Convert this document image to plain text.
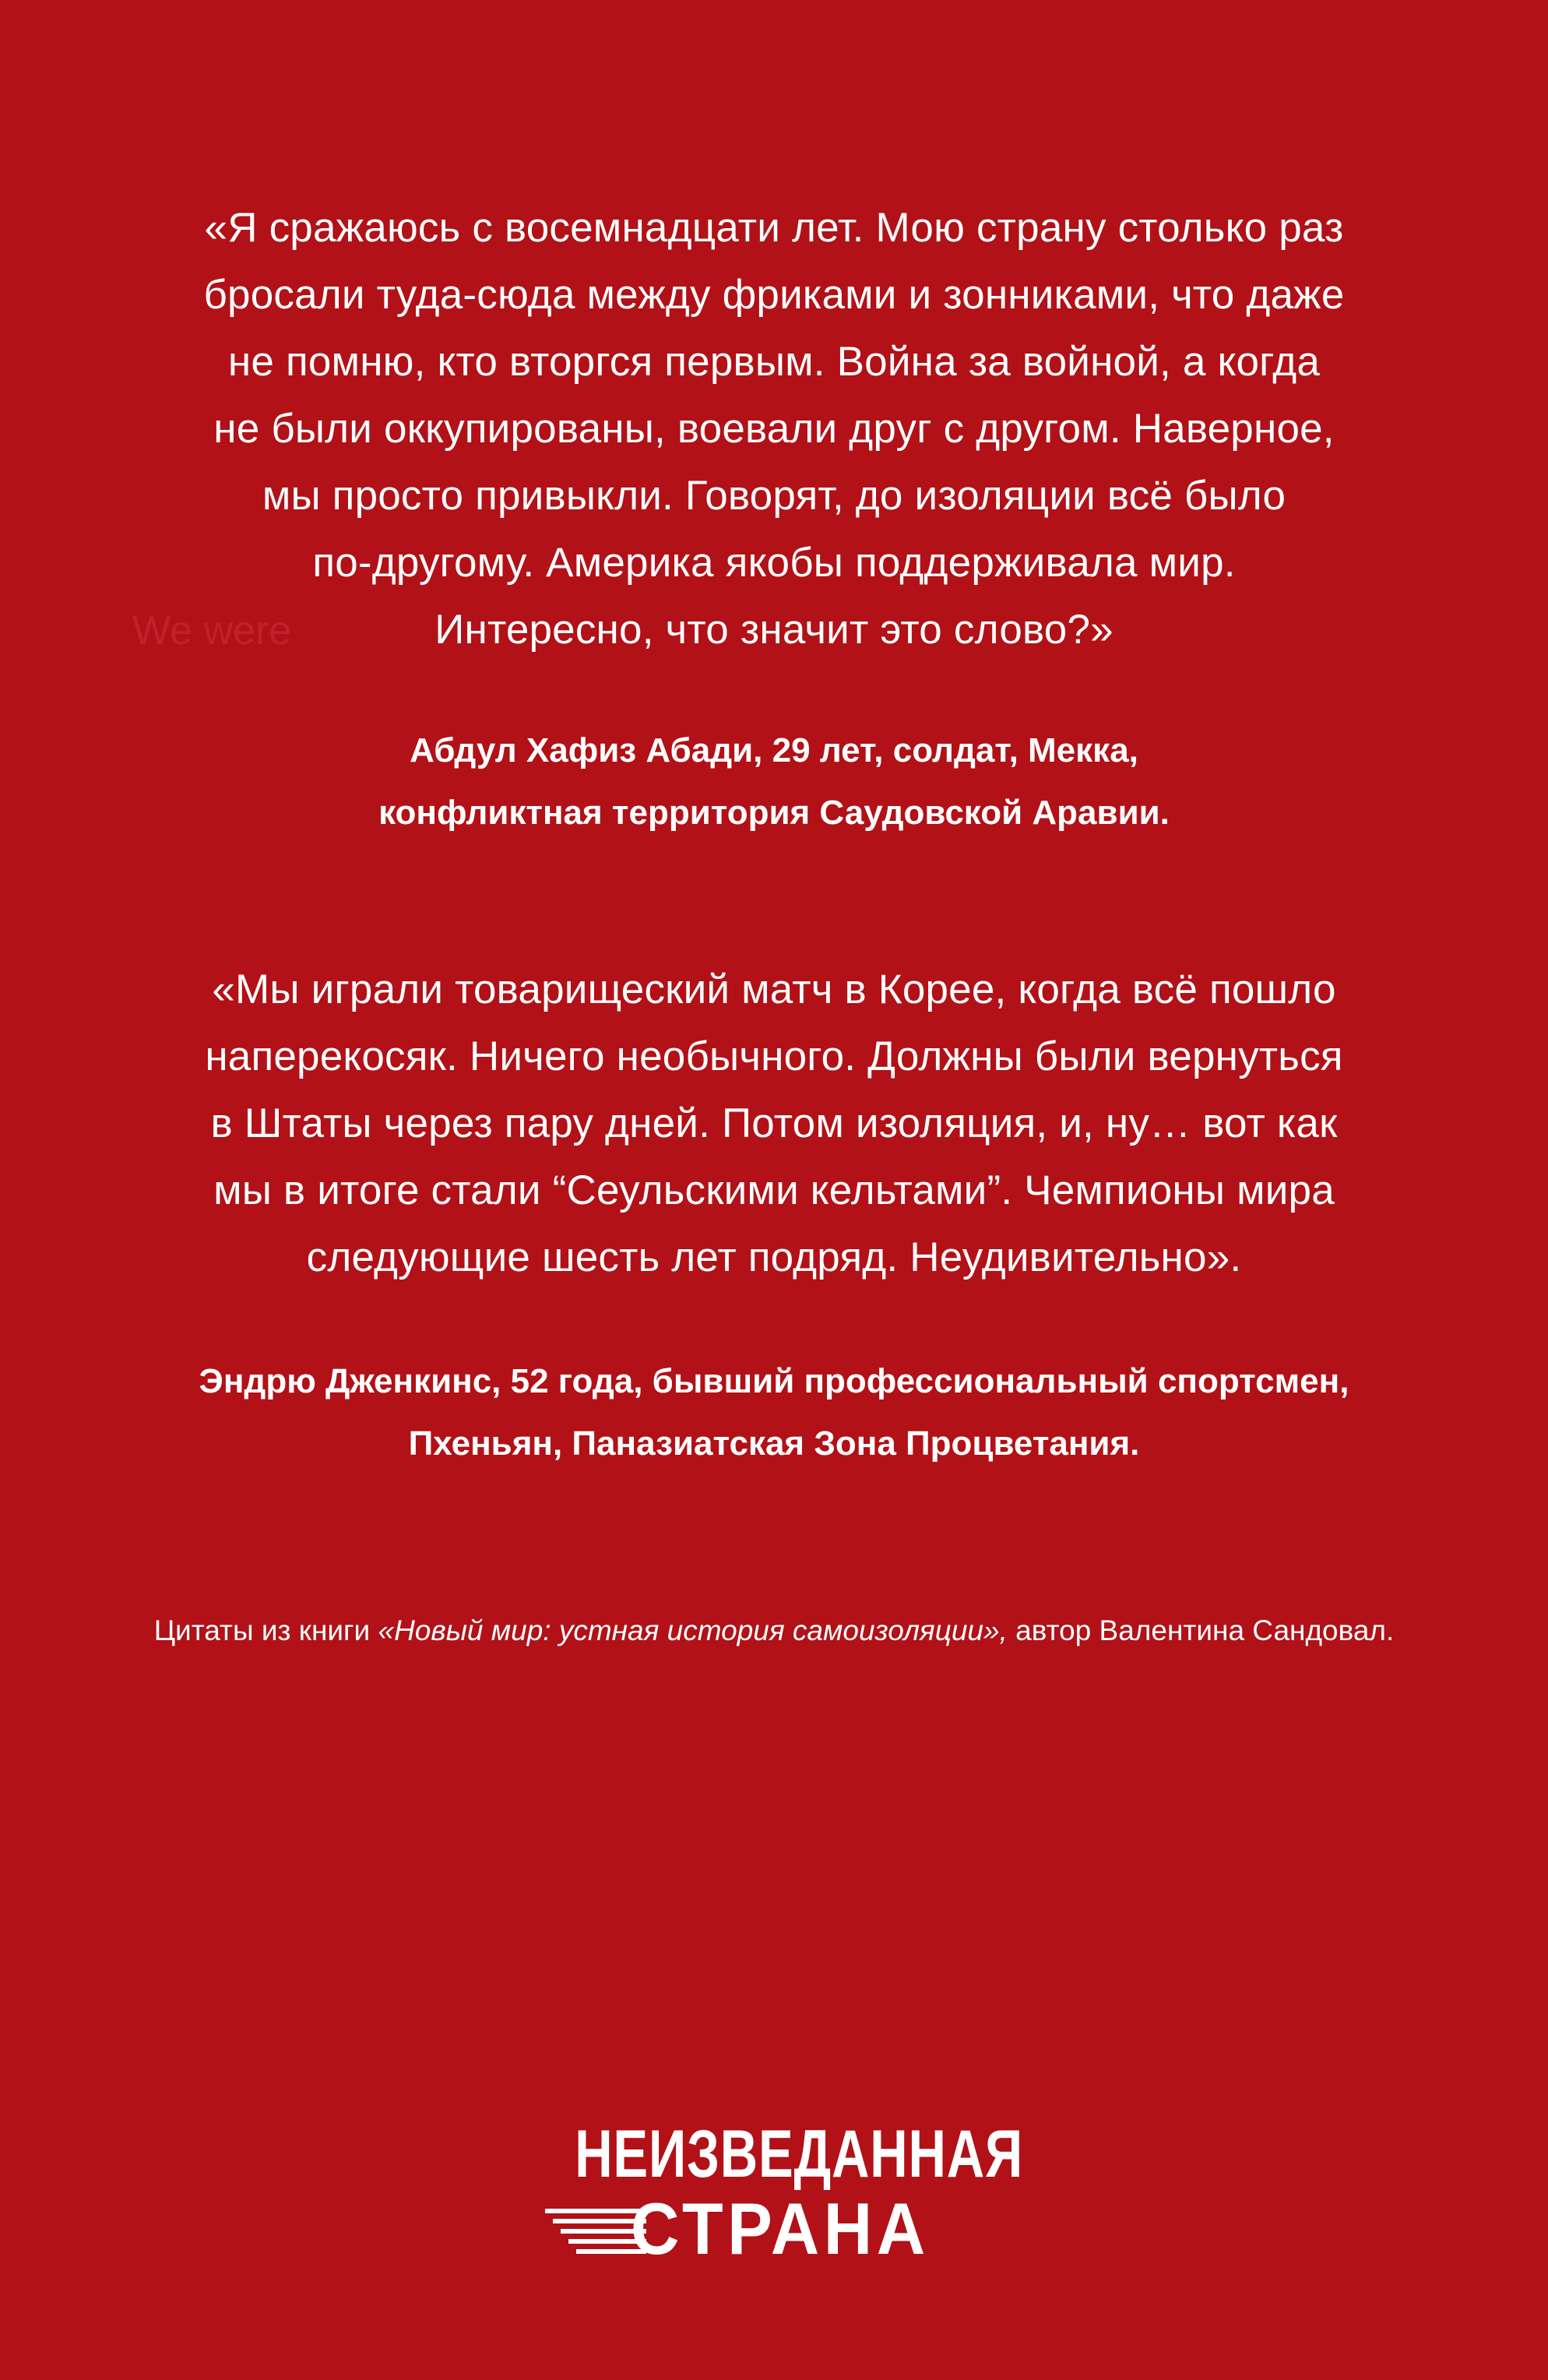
We were
«Я сражаюсь с восемнадцати лет. Мою страну столько раз
бросали туда-сюда между фриками и зонниками, что даже
не помню, кто вторгся первым. Война за войной, а когда
не были оккупированы, воевали друг с другом. Наверное,
мы просто привыкли. Говорят, до изоляции всё было
по-другому. Америка якобы поддерживала мир.
Интересно, что значит это слово?»
Абдул Хафиз Абади, 29 лет, солдат, Мекка,
конфликтная территория Саудовской Аравии.
«Мы играли товарищеский матч в Корее, когда всё пошло
наперекосяк. Ничего необычного. Должны были вернуться
в Штаты через пару дней. Потом изоляция, и, ну… вот как
мы в итоге стали “Сеульскими кельтами”. Чемпионы мира
следующие шесть лет подряд. Неудивительно».
Эндрю Дженкинс, 52 года, бывший профессиональный спортсмен,
Пхеньян, Паназиатская Зона Процветания.
Цитаты из книги «Новый мир: устная история самоизоляции», автор Валентина Сандовал.
НЕИЗВЕДАННАЯ
СТРАНА
